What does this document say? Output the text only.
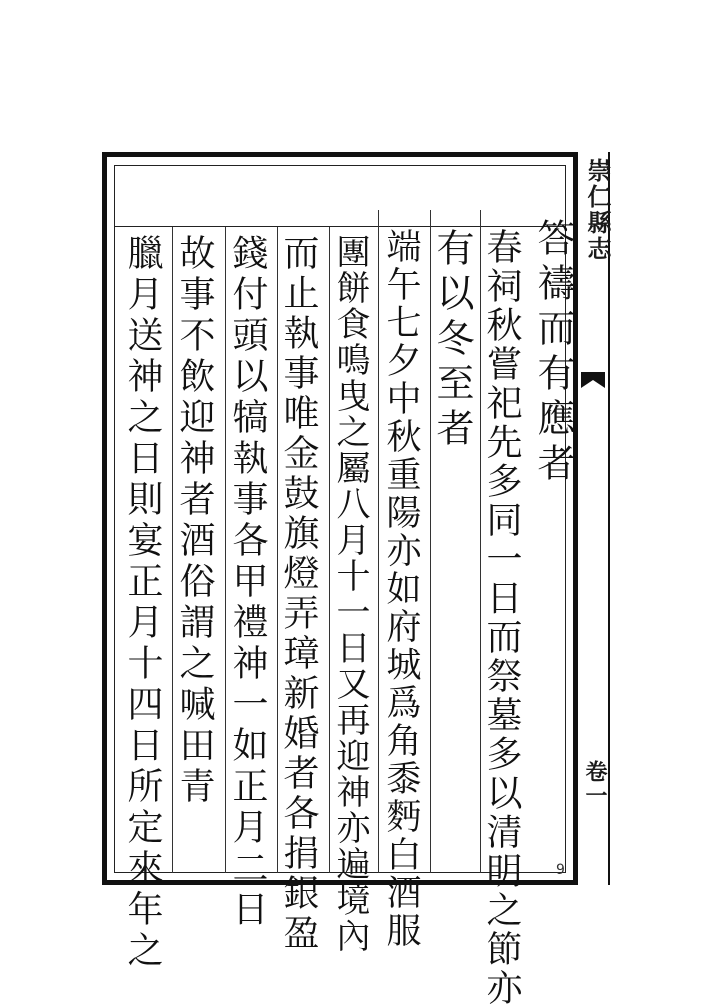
崇仁縣志
卷一
9
答禱而有應者
春祠秋嘗祀先多同一日而祭墓多以清明之節亦
有以冬至者
端午七夕中秋重陽亦如府城爲角黍麪白酒服
團餅食鳴曳之屬八月十一日又再迎神亦遍境內
而止執事唯金鼓旗燈弄璋新婚者各捐銀盈
錢付頭以犒執事各甲禮神一如正月二日
故事不飲迎神者酒俗謂之喊田青
臘月送神之日則宴正月十四日所定來年之
